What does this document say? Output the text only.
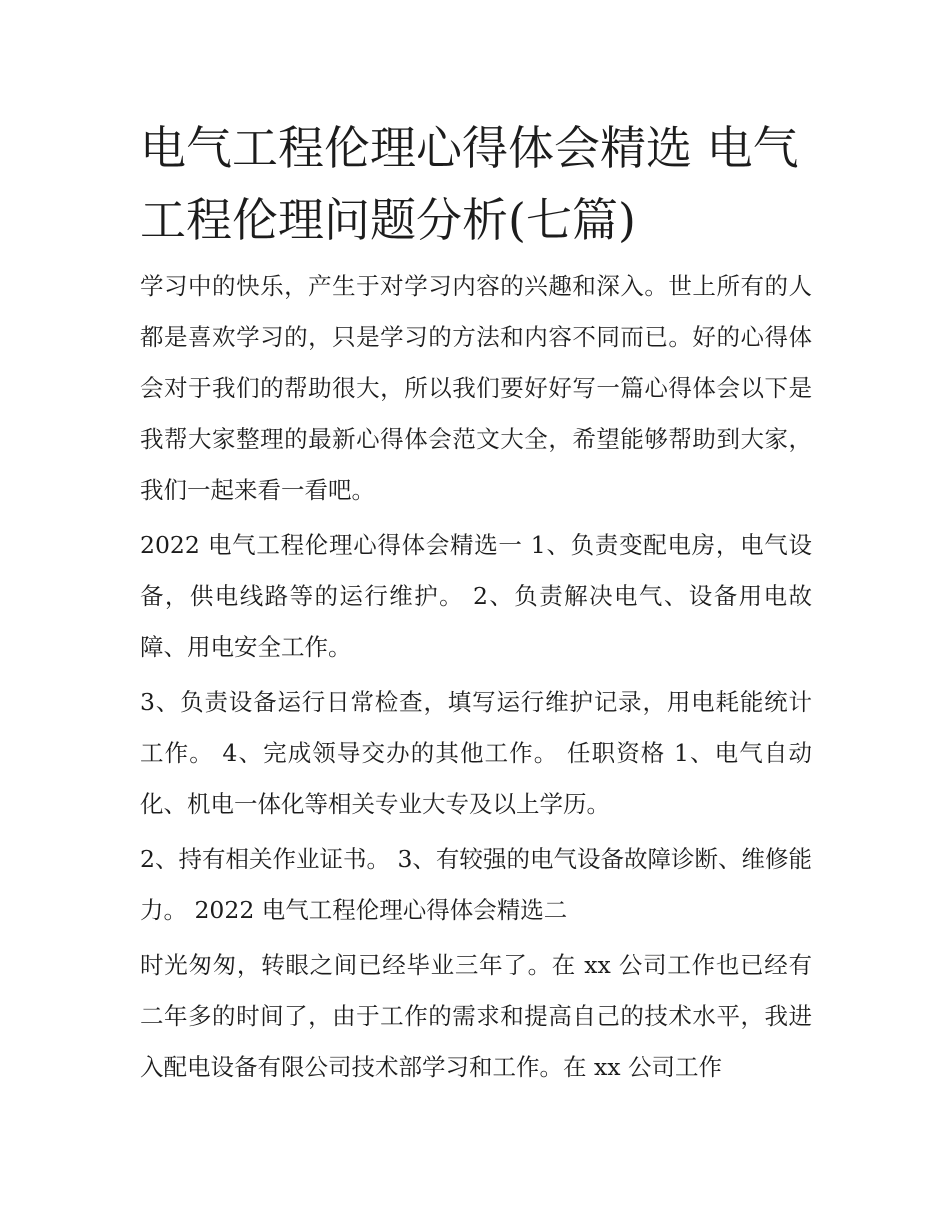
电气工程伦理心得体会精选 电气工程伦理问题分析(七篇)

学习中的快乐，产生于对学习内容的兴趣和深入。世上所有的人都是喜欢学习的，只是学习的方法和内容不同而已。好的心得体会对于我们的帮助很大，所以我们要好好写一篇心得体会以下是我帮大家整理的最新心得体会范文大全，希望能够帮助到大家，我们一起来看一看吧。

2022 电气工程伦理心得体会精选一 1、负责变配电房，电气设备，供电线路等的运行维护。 2、负责解决电气、设备用电故障、用电安全工作。

3、负责设备运行日常检查，填写运行维护记录，用电耗能统计工作。 4、完成领导交办的其他工作。 任职资格 1、电气自动化、机电一体化等相关专业大专及以上学历。

2、持有相关作业证书。 3、有较强的电气设备故障诊断、维修能力。 2022 电气工程伦理心得体会精选二

时光匆匆，转眼之间已经毕业三年了。在 xx 公司工作也已经有二年多的时间了，由于工作的需求和提高自己的技术水平，我进入配电设备有限公司技术部学习和工作。在 xx 公司工作
